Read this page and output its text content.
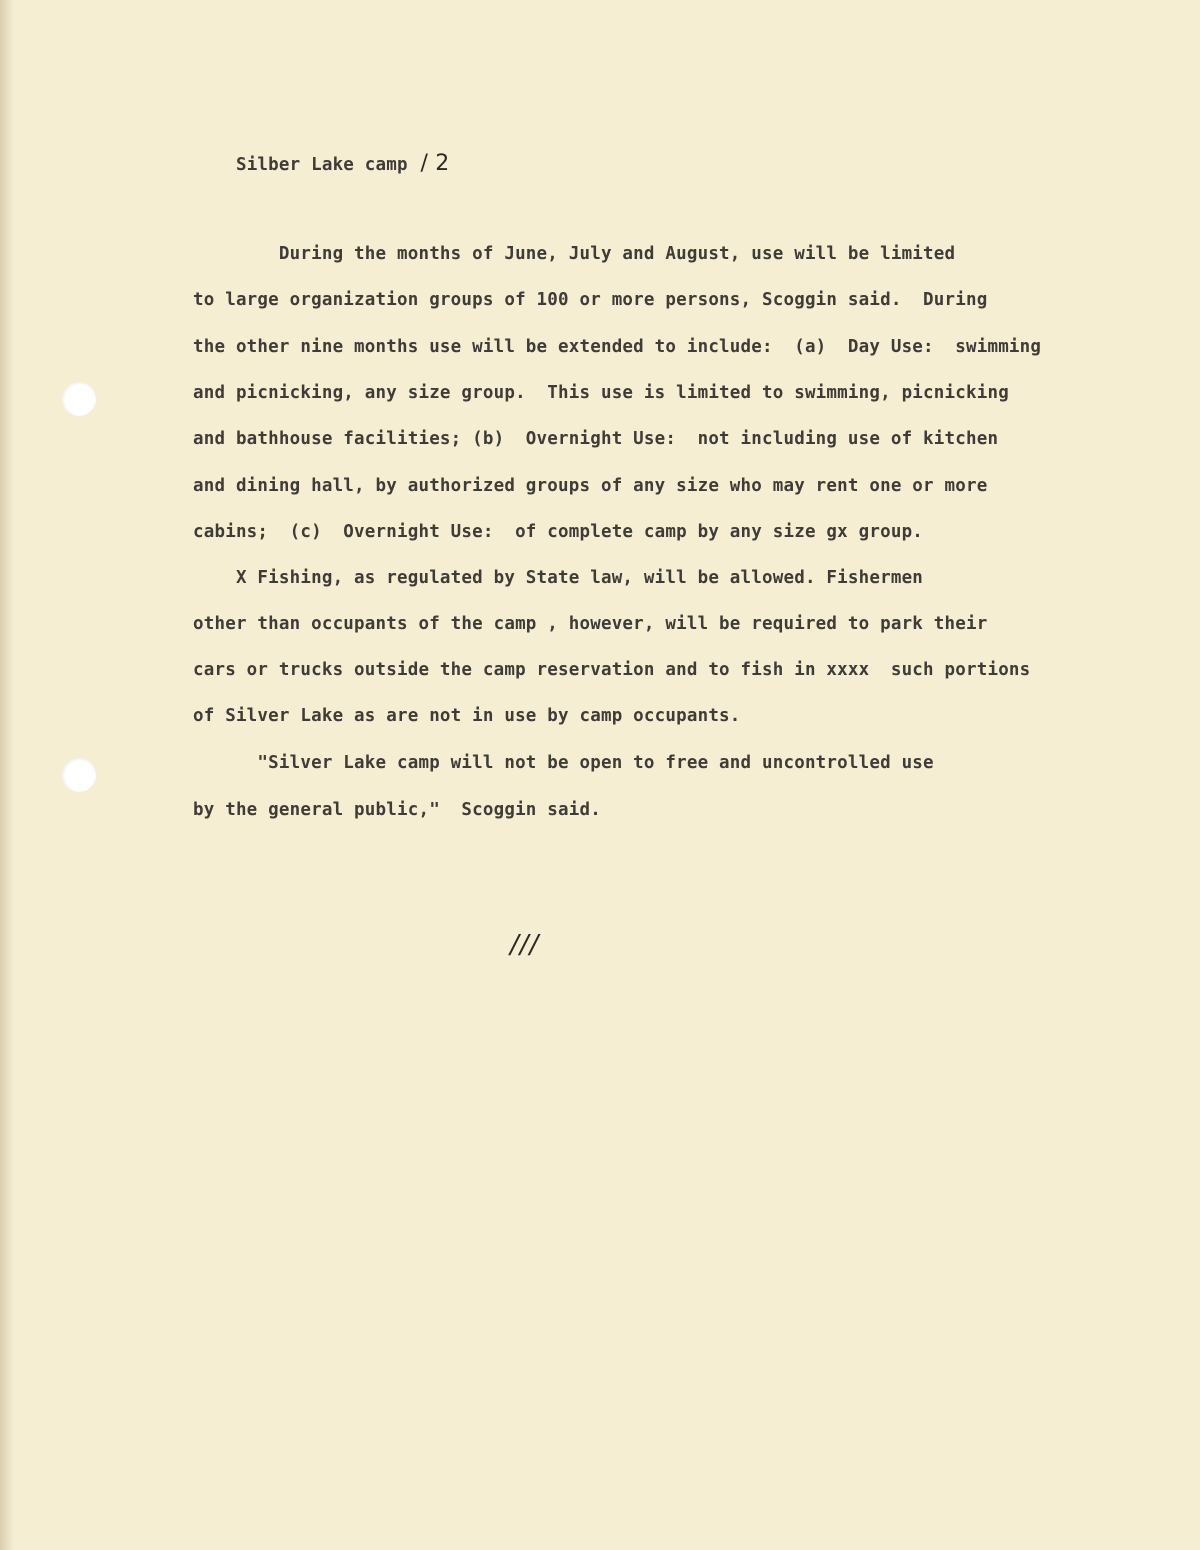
Silber Lake camp / 2

During the months of June, July and August, use will be limited
to large organization groups of 100 or more persons, Scoggin said.  During
the other nine months use will be extended to include:  (a)  Day Use:  swimming
and picnicking, any size group.  This use is limited to swimming, picnicking
and bathhouse facilities; (b)  Overnight Use:  not including use of kitchen
and dining hall, by authorized groups of any size who may rent one or more
cabins;  (c)  Overnight Use:  of complete camp by any size gx group.
X Fishing, as regulated by State law, will be allowed. Fishermen
other than occupants of the camp , however, will be required to park their
cars or trucks outside the camp reservation and to fish in xxxx  such portions
of Silver Lake as are not in use by camp occupants.
"Silver Lake camp will not be open to free and uncontrolled use
by the general public,"  Scoggin said.
///
